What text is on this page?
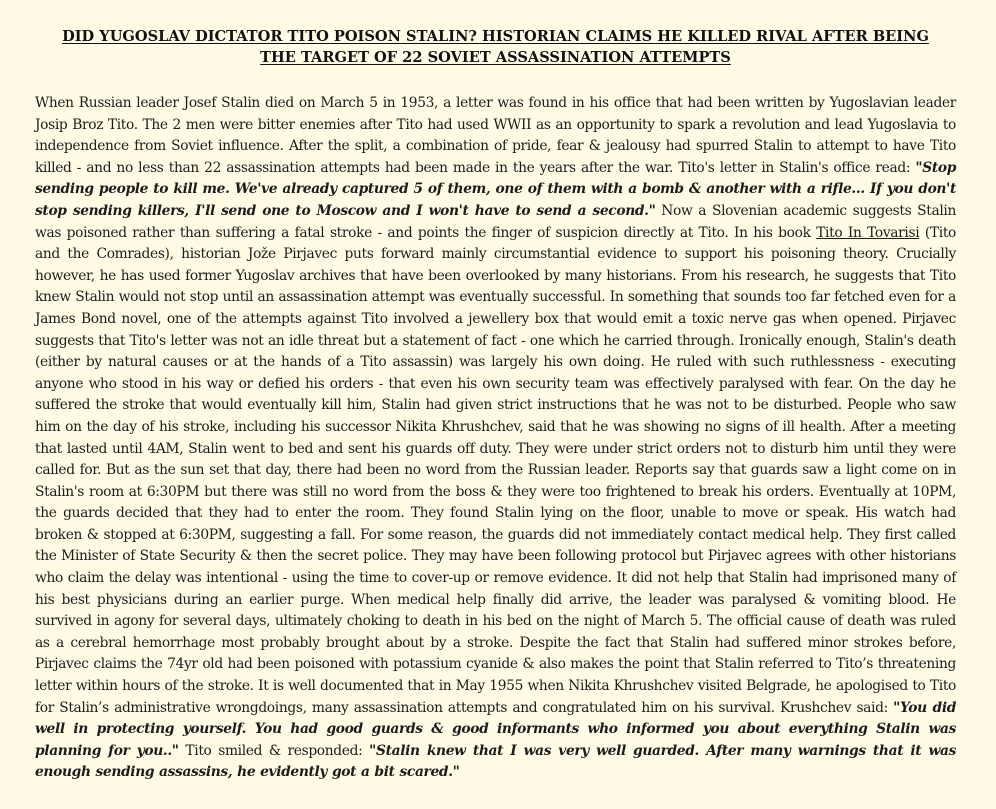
DID YUGOSLAV DICTATOR TITO POISON STALIN? HISTORIAN CLAIMS HE KILLED RIVAL AFTER BEING THE TARGET OF 22 SOVIET ASSASSINATION ATTEMPTS

When Russian leader Josef Stalin died on March 5 in 1953, a letter was found in his office that had been written by Yugoslavian leader Josip Broz Tito. The 2 men were bitter enemies after Tito had used WWII as an opportunity to spark a revolution and lead Yugoslavia to independence from Soviet influence. After the split, a combination of pride, fear & jealousy had spurred Stalin to attempt to have Tito killed - and no less than 22 assassination attempts had been made in the years after the war. Tito's letter in Stalin's office read: "Stop sending people to kill me. We've already captured 5 of them, one of them with a bomb & another with a rifle... If you don't stop sending killers, I'll send one to Moscow and I won't have to send a second." Now a Slovenian academic suggests Stalin was poisoned rather than suffering a fatal stroke - and points the finger of suspicion directly at Tito. In his book Tito In Tovarisi (Tito and the Comrades), historian Jože Pirjavec puts forward mainly circumstantial evidence to support his poisoning theory. Crucially however, he has used former Yugoslav archives that have been overlooked by many historians. From his research, he suggests that Tito knew Stalin would not stop until an assassination attempt was eventually successful. In something that sounds too far fetched even for a James Bond novel, one of the attempts against Tito involved a jewellery box that would emit a toxic nerve gas when opened. Pirjavec suggests that Tito's letter was not an idle threat but a statement of fact - one which he carried through. Ironically enough, Stalin's death (either by natural causes or at the hands of a Tito assassin) was largely his own doing. He ruled with such ruthlessness - executing anyone who stood in his way or defied his orders - that even his own security team was effectively paralysed with fear. On the day he suffered the stroke that would eventually kill him, Stalin had given strict instructions that he was not to be disturbed. People who saw him on the day of his stroke, including his successor Nikita Khrushchev, said that he was showing no signs of ill health. After a meeting that lasted until 4AM, Stalin went to bed and sent his guards off duty. They were under strict orders not to disturb him until they were called for. But as the sun set that day, there had been no word from the Russian leader. Reports say that guards saw a light come on in Stalin's room at 6:30PM but there was still no word from the boss & they were too frightened to break his orders. Eventually at 10PM, the guards decided that they had to enter the room. They found Stalin lying on the floor, unable to move or speak. His watch had broken & stopped at 6:30PM, suggesting a fall. For some reason, the guards did not immediately contact medical help. They first called the Minister of State Security & then the secret police. They may have been following protocol but Pirjavec agrees with other historians who claim the delay was intentional - using the time to cover-up or remove evidence. It did not help that Stalin had imprisoned many of his best physicians during an earlier purge. When medical help finally did arrive, the leader was paralysed & vomiting blood. He survived in agony for several days, ultimately choking to death in his bed on the night of March 5. The official cause of death was ruled as a cerebral hemorrhage most probably brought about by a stroke. Despite the fact that Stalin had suffered minor strokes before, Pirjavec claims the 74yr old had been poisoned with potassium cyanide & also makes the point that Stalin referred to Tito’s threatening letter within hours of the stroke. It is well documented that in May 1955 when Nikita Khrushchev visited Belgrade, he apologised to Tito for Stalin’s administrative wrongdoings, many assassination attempts and congratulated him on his survival. Krushchev said: "You did well in protecting yourself. You had good guards & good informants who informed you about everything Stalin was planning for you.." Tito smiled & responded: "Stalin knew that I was very well guarded. After many warnings that it was enough sending assassins, he evidently got a bit scared."
